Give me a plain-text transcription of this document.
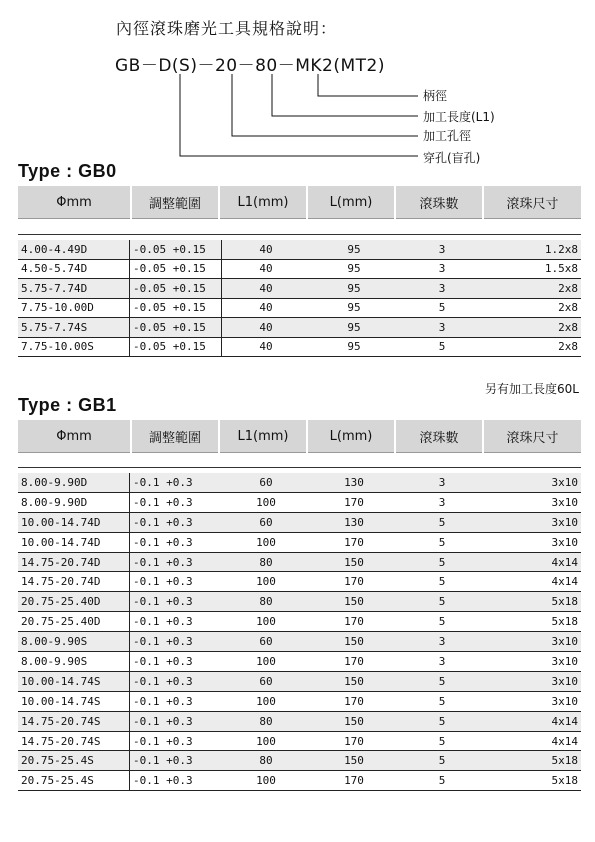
內徑滾珠磨光工具規格說明：
GB－D(S)－20－80－MK2(MT2)
柄徑
加工長度(L1)
加工孔徑
穿孔(盲孔)
Type : GB0
Φmm	調整範圍	L1(mm)	L(mm)	滾珠數	滾珠尺寸
4.00-4.49D	-0.05 +0.15	40	95	3	1.2x8
4.50-5.74D	-0.05 +0.15	40	95	3	1.5x8
5.75-7.74D	-0.05 +0.15	40	95	3	2x8
7.75-10.00D	-0.05 +0.15	40	95	5	2x8
5.75-7.74S	-0.05 +0.15	40	95	3	2x8
7.75-10.00S	-0.05 +0.15	40	95	5	2x8
另有加工長度60L
Type : GB1
Φmm	調整範圍	L1(mm)	L(mm)	滾珠數	滾珠尺寸
8.00-9.90D	-0.1 +0.3	60	130	3	3x10
8.00-9.90D	-0.1 +0.3	100	170	3	3x10
10.00-14.74D	-0.1 +0.3	60	130	5	3x10
10.00-14.74D	-0.1 +0.3	100	170	5	3x10
14.75-20.74D	-0.1 +0.3	80	150	5	4x14
14.75-20.74D	-0.1 +0.3	100	170	5	4x14
20.75-25.40D	-0.1 +0.3	80	150	5	5x18
20.75-25.40D	-0.1 +0.3	100	170	5	5x18
8.00-9.90S	-0.1 +0.3	60	150	3	3x10
8.00-9.90S	-0.1 +0.3	100	170	3	3x10
10.00-14.74S	-0.1 +0.3	60	150	5	3x10
10.00-14.74S	-0.1 +0.3	100	170	5	3x10
14.75-20.74S	-0.1 +0.3	80	150	5	4x14
14.75-20.74S	-0.1 +0.3	100	170	5	4x14
20.75-25.4S	-0.1 +0.3	80	150	5	5x18
20.75-25.4S	-0.1 +0.3	100	170	5	5x18
